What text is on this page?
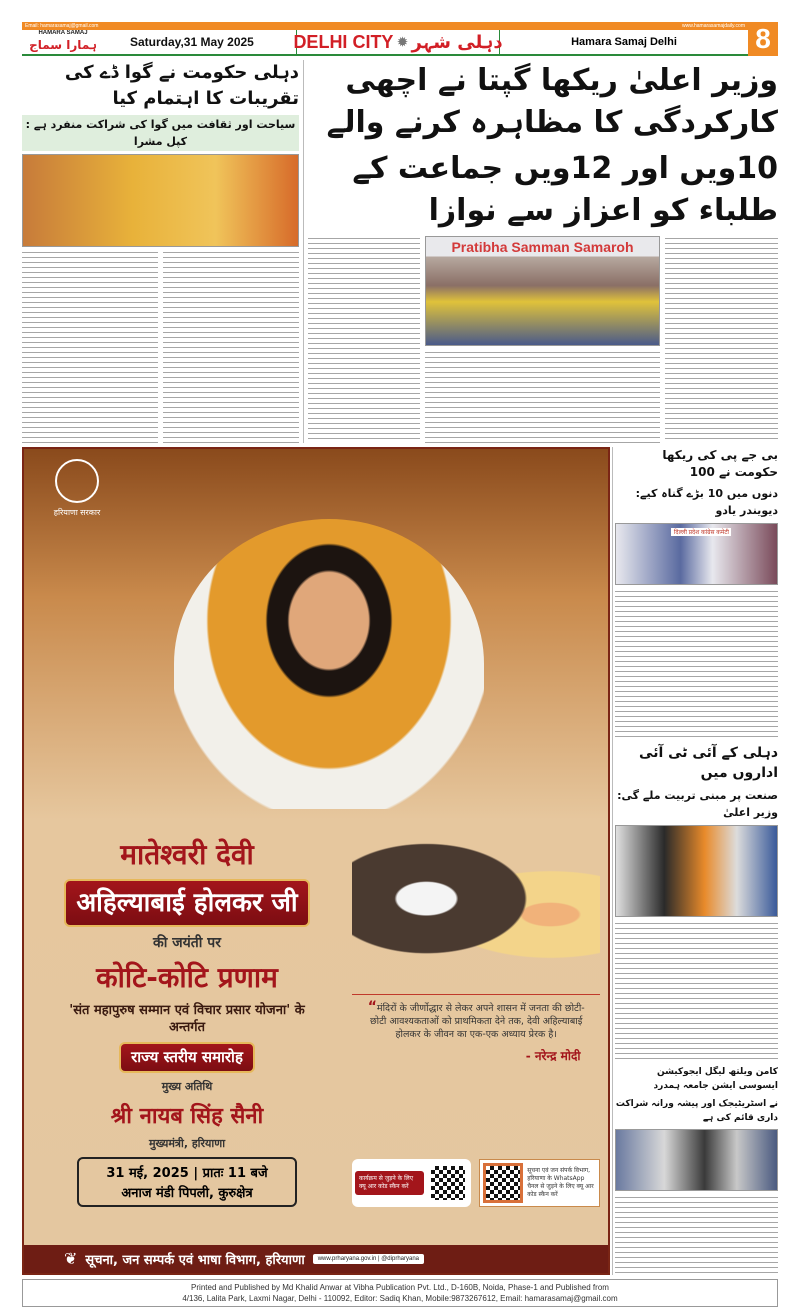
Email: hamarasamaj@gmail.com	www.hamarasamajdaily.com
HAMARA SAMAJ
ہمارا سماج	Saturday,31 May 2025	DELHI CITY ✹ دہلی شہر	Hamara Samaj Delhi	8
دہلی حکومت نے گوا ڈے کی تقریبات کا اہتمام کیا
سیاحت اور ثقافت میں گوا کی شراکت منفرد ہے : کپل مشرا
وزیر اعلیٰ ریکھا گپتا نے اچھی کارکردگی کا مظاہرہ کرنے والے
10ویں اور 12ویں جماعت کے طلباء کو اعزاز سے نوازا
Pratibha Samman Samaroh
हरियाणा सरकार
मातेश्वरी देवी
अहिल्याबाई होलकर जी
की जयंती पर
कोटि-कोटि प्रणाम
'संत महापुरुष सम्मान एवं विचार प्रसार योजना' के अन्तर्गत
राज्य स्तरीय समारोह
मुख्य अतिथि
श्री नायब सिंह सैनी
मुख्यमंत्री, हरियाणा
31 मई, 2025 | प्रातः 11 बजे
अनाज मंडी पिपली, कुरुक्षेत्र
“मंदिरों के जीर्णोद्धार से लेकर अपने शासन में जनता की छोटी-छोटी आवश्यकताओं को प्राथमिकता देने तक, देवी अहिल्याबाई होलकर के जीवन का एक-एक अध्याय प्रेरक है।
- नरेन्द्र मोदी
कार्यक्रम से जुड़ने के लिए क्यू आर कोड स्कैन करें
सूचना एवं जन संपर्क विभाग, हरियाणा के WhatsApp चैनल से जुड़ने के लिए क्यू आर कोड स्कैन करें
❦ सूचना, जन सम्पर्क एवं भाषा विभाग, हरियाणा	www.prharyana.gov.in | @diprharyana
بی جے پی کی ریکھا حکومت نے 100
دنوں میں 10 بڑے گناہ کیے: دیویندر یادو
दिल्ली प्रदेश कांग्रेस कमेटी
دہلی کے آئی ٹی آئی اداروں میں
صنعت پر مبنی تربیت ملے گی: وزیر اعلیٰ
کامن ویلتھ لیگل ایجوکیشن ایسوسی ایشن جامعہ ہمدرد
نے اسٹریٹیجک اور پیشہ ورانہ شراکت داری قائم کی ہے
Printed and Published by Md Khalid Anwar at Vibha Publication Pvt. Ltd., D-160B, Noida, Phase-1 and Published from
4/136, Lalita Park, Laxmi Nagar, Delhi - 110092, Editor: Sadiq Khan, Mobile:9873267612, Email: hamarasamaj@gmail.com
